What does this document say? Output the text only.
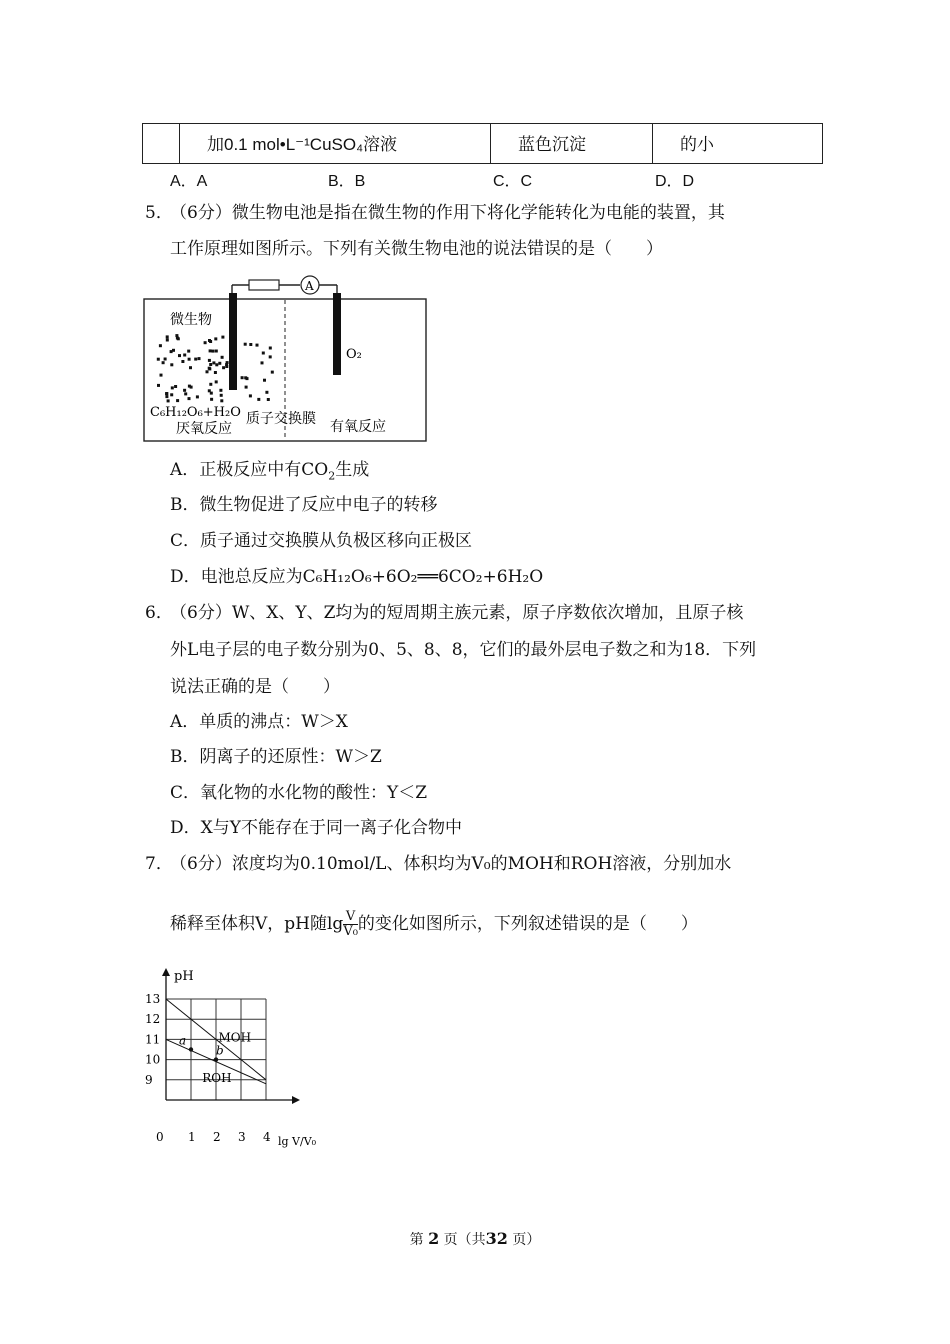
加0.1 mol•L⁻¹CuSO₄溶液	蓝色沉淀	的小
A．A	B．B	C．C	D．D
5．
（6分）微生物电池是指在微生物的作用下将化学能转化为电能的装置，其
工作原理如图所示。下列有关微生物电池的说法错误的是（　　）
A
微生物
O₂
C₆H₁₂O₆+H₂O
厌氧反应
质子交换膜 有氧反应
A．正极反应中有$CO_2$生成
B．微生物促进了反应中电子的转移
C．质子通过交换膜从负极区移向正极区
D．电池总反应为C₆H₁₂O₆+6O₂══6CO₂+6H₂O
6．
（6分）W、X、Y、Z均为的短周期主族元素，原子序数依次增加，且原子核
外L电子层的电子数分别为0、5、8、8，它们的最外层电子数之和为18．下列
说法正确的是（　　）
A．单质的沸点：W＞X
B．阴离子的还原性：W＞Z
C．氧化物的水化物的酸性：Y＜Z
D．X与Y不能存在于同一离子化合物中
7．
（6分）浓度均为0.10mol/L、体积均为V₀的MOH和ROH溶液，分别加水
稀释至体积V，pH随$\lg \frac{V}{\text{V₀}}$ 的变化如图所示，下列叙述错误的是（　　）
pH
lg V/V₀
0 1 2 3 4
9
10
11
12
13
MOH
ROH
a
b
第 2 页（共32 页）
